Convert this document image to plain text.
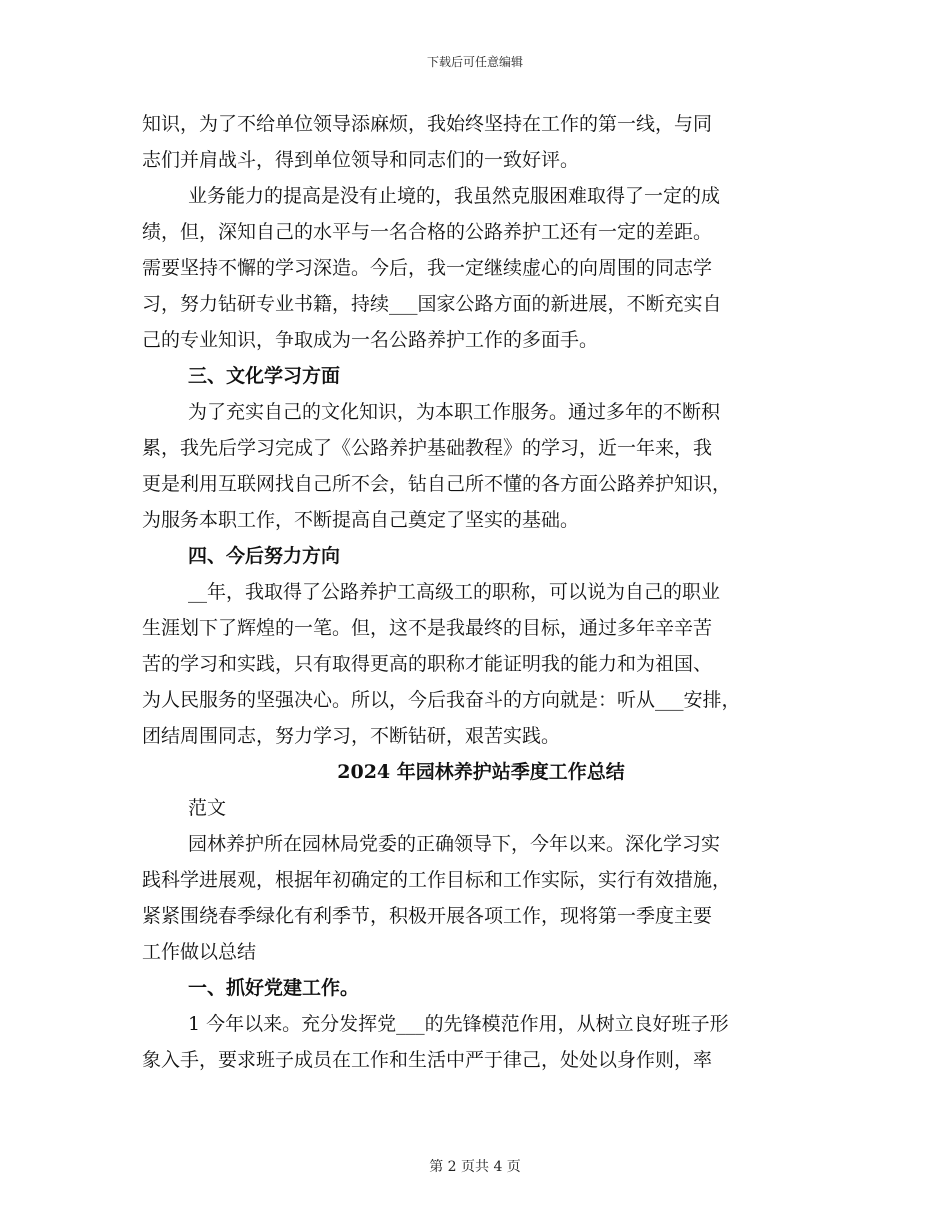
下载后可任意编辑
知识，为了不给单位领导添麻烦，我始终坚持在工作的第一线，与同
志们并肩战斗，得到单位领导和同志们的一致好评。
业务能力的提高是没有止境的，我虽然克服困难取得了一定的成
绩，但，深知自己的水平与一名合格的公路养护工还有一定的差距。
需要坚持不懈的学习深造。今后，我一定继续虚心的向周围的同志学
习，努力钻研专业书籍，持续___国家公路方面的新进展，不断充实自
己的专业知识，争取成为一名公路养护工作的多面手。
三、文化学习方面
为了充实自己的文化知识，为本职工作服务。通过多年的不断积
累，我先后学习完成了《公路养护基础教程》的学习，近一年来，我
更是利用互联网找自己所不会，钻自己所不懂的各方面公路养护知识，
为服务本职工作，不断提高自己奠定了坚实的基础。
四、今后努力方向
__年，我取得了公路养护工高级工的职称，可以说为自己的职业
生涯划下了辉煌的一笔。但，这不是我最终的目标，通过多年辛辛苦
苦的学习和实践，只有取得更高的职称才能证明我的能力和为祖国、
为人民服务的坚强决心。所以，今后我奋斗的方向就是：听从___安排，
团结周围同志，努力学习，不断钻研，艰苦实践。
2024 年园林养护站季度工作总结
范文
园林养护所在园林局党委的正确领导下，今年以来。深化学习实
践科学进展观，根据年初确定的工作目标和工作实际，实行有效措施，
紧紧围绕春季绿化有利季节，积极开展各项工作，现将第一季度主要
工作做以总结
一、抓好党建工作。
1 今年以来。充分发挥党___的先锋模范作用，从树立良好班子形
象入手，要求班子成员在工作和生活中严于律己，处处以身作则，率
第 2 页共 4 页
